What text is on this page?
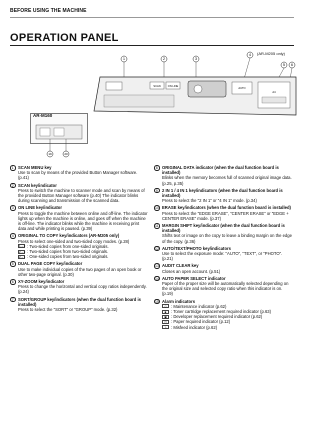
BEFORE USING THE MACHINE
OPERATION PANEL
1	2	3
4
5 6
SCAN	ON LINE
AUTO
A4
(AR-M205 only)
19	20
AR-M160
1	SCAN MENU key
Use to scan by means of the provided Button Manager software. (p.41)
2	SCAN key/indicator
Press to switch the machine to scanner mode and scan by means of the provided Button Manager software (p.40) The indicator blinks during scanning and transmission of the scanned data.
3	ON LINE key/indicator
Press to toggle the machine between online and off-line. The indicator lights up when the machine is online, and goes off when the machine is off-line. The indicator blinks while the machine is receiving print data and while printing is paused. (p.39)
4	ORIGINAL TO COPY key/indicators (AR-M205 only)
Press to select one-sided and two-sided copy modes. (p.28)
1→2 : Two-sided copies from one-sided originals.
2→2 : Two-sided copies from two-sided originals.
2→1 : One-sided copies from two-sided originals.
5	DUAL PAGE COPY key/indicator
Use to make individual copies of the two pages of an open book or other two-page original. (p.30)
6	XY-ZOOM key/indicator
Press to change the horizontal and vertical copy ratios independently. (p.24)
7	SORT/GROUP key/indicators (when the dual function board is installed)
Press to select the "SORT" or "GROUP" mode. (p.32)
8	ORIGINAL DATA indicator (when the dual function board is installed)
Blinks when the memory becomes full of scanned original image data. (p.25, p.35)
9	2 IN 1 / 4 IN 1 key/indicators (when the dual function board is installed)
Press to select the "2 IN 1" or "4 IN 1" mode. (p.34)
10 ERASE key/indicators (when the dual function board is installed)
Press to select the "EDGE ERASE", "CENTER ERASE" or "EDGE + CENTER ERASE" mode. (p.37)
11 MARGIN SHIFT key/indicator (when the dual function board is installed)
Shifts text or image on the copy to leave a binding margin on the edge of the copy. (p.36)
12 AUTO/TEXT/PHOTO key/indicators
Use to select the exposure mode: "AUTO", "TEXT", or "PHOTO". (p.21)
13 AUDIT CLEAR key
Closes an open account. (p.51)
14 AUTO PAPER SELECT indicator
Paper of the proper size will be automatically selected depending on the original size and selected copy ratio when this indicator is on. (p.19)
15 Alarm indicators
◇	: Maintenance indicator (p.62)
■	: Toner cartridge replacement required indicator (p.63)
▣ : Developer replacement required indicator (p.62)
▭ : Paper required indicator (p.12)
⌁	: Misfeed indicator (p.62)
